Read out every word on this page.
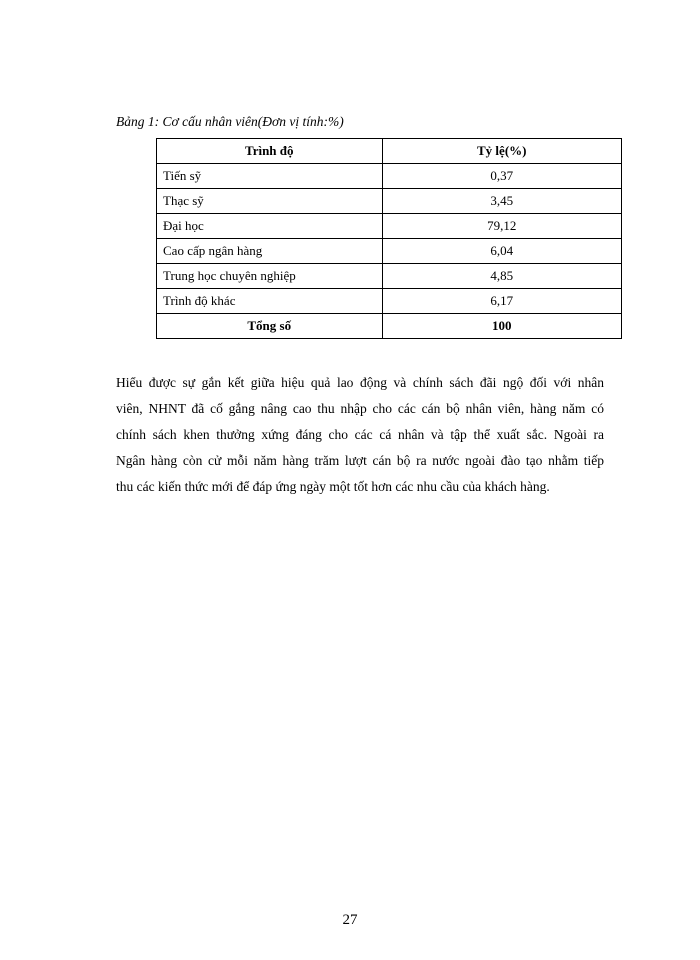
Bảng 1: Cơ cấu nhân viên(Đơn vị tính:%)
Trình độ	Tỷ lệ(%)
Tiến sỹ	0,37
Thạc sỹ	3,45
Đại học	79,12
Cao cấp ngân hàng	6,04
Trung học chuyên nghiệp	4,85
Trình độ khác	6,17
Tổng số	100
Hiểu được sự gắn kết giữa hiệu quả lao động và chính sách đãi ngộ đối với nhân
viên, NHNT đã cố gắng nâng cao thu nhập cho các cán bộ nhân viên, hàng năm có
chính sách khen thưởng xứng đáng cho các cá nhân và tập thể xuất sắc. Ngoài ra
Ngân hàng còn cử mỗi năm hàng trăm lượt cán bộ ra nước ngoài đào tạo nhằm tiếp
thu các kiến thức mới để đáp ứng ngày một tốt hơn các nhu cầu của khách hàng.
27
